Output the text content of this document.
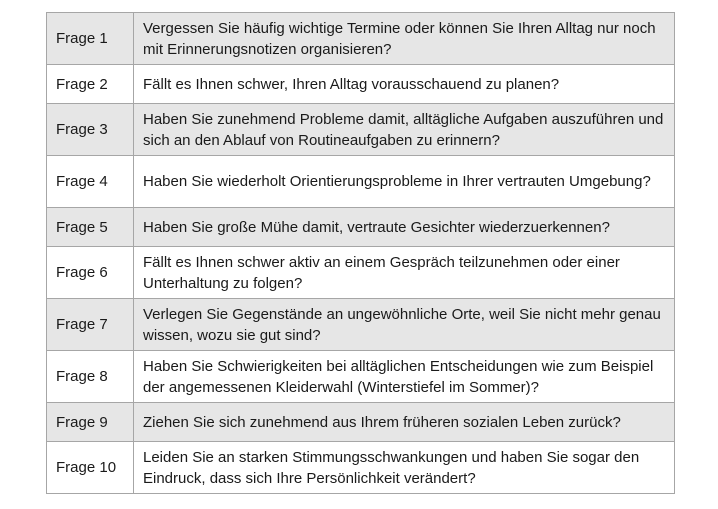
Frage 1	Vergessen Sie häufig wichtige Termine oder können Sie Ihren Alltag nur noch mit Erinnerungsnotizen organisieren?
Frage 2	Fällt es Ihnen schwer, Ihren Alltag vorausschauend zu planen?
Frage 3	Haben Sie zunehmend Probleme damit, alltägliche Aufgaben auszuführen und sich an den Ablauf von Routineaufgaben zu erinnern?
Frage 4	Haben Sie wiederholt Orientierungsprobleme in Ihrer vertrauten Umgebung?
Frage 5	Haben Sie große Mühe damit, vertraute Gesichter wiederzuerkennen?
Frage 6	Fällt es Ihnen schwer aktiv an einem Gespräch teilzunehmen oder einer Unterhaltung zu folgen?
Frage 7	Verlegen Sie Gegenstände an ungewöhnliche Orte, weil Sie nicht mehr genau wissen, wozu sie gut sind?
Frage 8	Haben Sie Schwierigkeiten bei alltäglichen Entscheidungen wie zum Beispiel der angemessenen Kleiderwahl (Winterstiefel im Sommer)?
Frage 9	Ziehen Sie sich zunehmend aus Ihrem früheren sozialen Leben zurück?
Frage 10	Leiden Sie an starken Stimmungsschwankungen und haben Sie sogar den Eindruck, dass sich Ihre Persönlichkeit verändert?
